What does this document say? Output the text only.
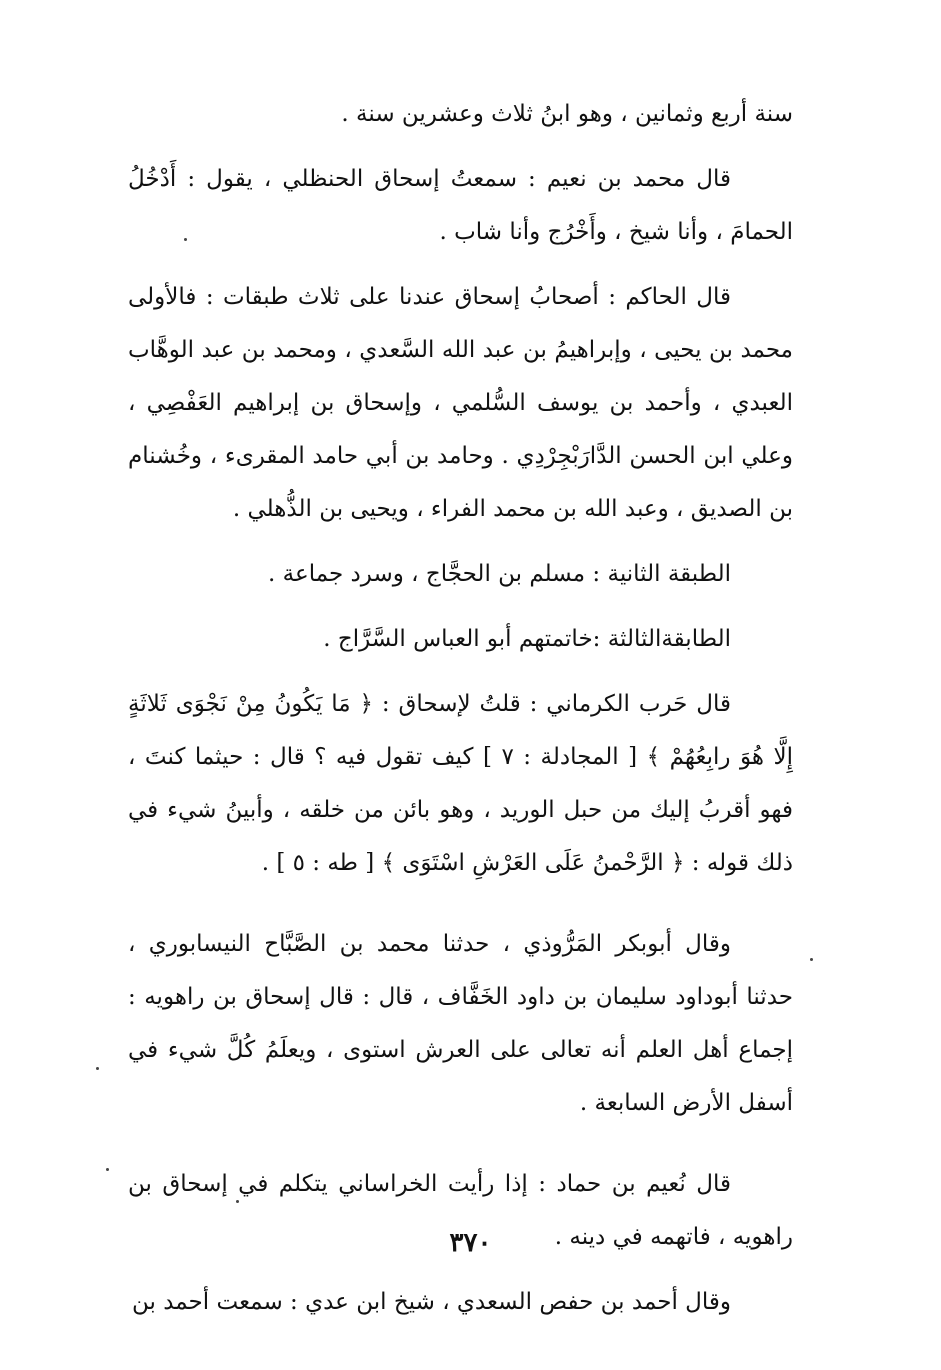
سنة أربع وثمانين ، وهو ابنُ ثلاث وعشرين سنة .

قال محمد بن نعيم : سمعتُ إسحاق الحنظلي ، يقول : أَدْخُلُ الحمامَ ، وأنا شيخ ، وأَخْرُج وأنا شاب .

قال الحاكم : أصحابُ إسحاق عندنا على ثلاث طبقات : فالأولى محمد بن يحيى ، وإبراهيمُ بن عبد الله السَّعدي ، ومحمد بن عبد الوهَّاب العبدي ، وأحمد بن يوسف السُّلمي ، وإسحاق بن إبراهيم العَفْصِي ، وعلي ابن الحسن الدَّارَبْجِرْدِي . وحامد بن أبي حامد المقرىء ، وخُشنام بن الصديق ، وعبد الله بن محمد الفراء ، ويحيى بن الذُّهلي .

الطبقة الثانية : مسلم بن الحجَّاج ، وسرد جماعة .

الطابقةالثالثة :خاتمتهم أبو العباس السَّرَّاج .

قال حَرب الكرماني : قلتُ لإسحاق : ﴿ مَا يَكُونُ مِنْ نَجْوَى ثَلاثَةٍ إِلَّا هُوَ رابِعُهُمْ ﴾ [ المجادلة : ٧ ] كيف تقول فيه ؟ قال : حيثما كنتَ ، فهو أقربُ إليك من حبل الوريد ، وهو بائن من خلقه ، وأبينُ شيء في ذلك قوله : ﴿ الرَّحْمنُ عَلَى العَرْشِ اسْتَوَى ﴾ [ طه : ٥ ] .

وقال أبوبكر المَرُّوذي ، حدثنا محمد بن الصَّبَّاح النيسابوري ، حدثنا أبوداود سليمان بن داود الخَفَّاف ، قال : قال إسحاق بن راهويه : إجماع أهل العلم أنه تعالى على العرش استوى ، ويعلَمُ كُلَّ شيء في أسفل الأرض السابعة .

قال نُعيم بن حماد : إذا رأيت الخراساني يتكلم في إسحاق بن راهويه ، فاتهمه في دينه .

وقال أحمد بن حفص السعدي ، شيخ ابن عدي : سمعت أحمد بن

٣٧٠
